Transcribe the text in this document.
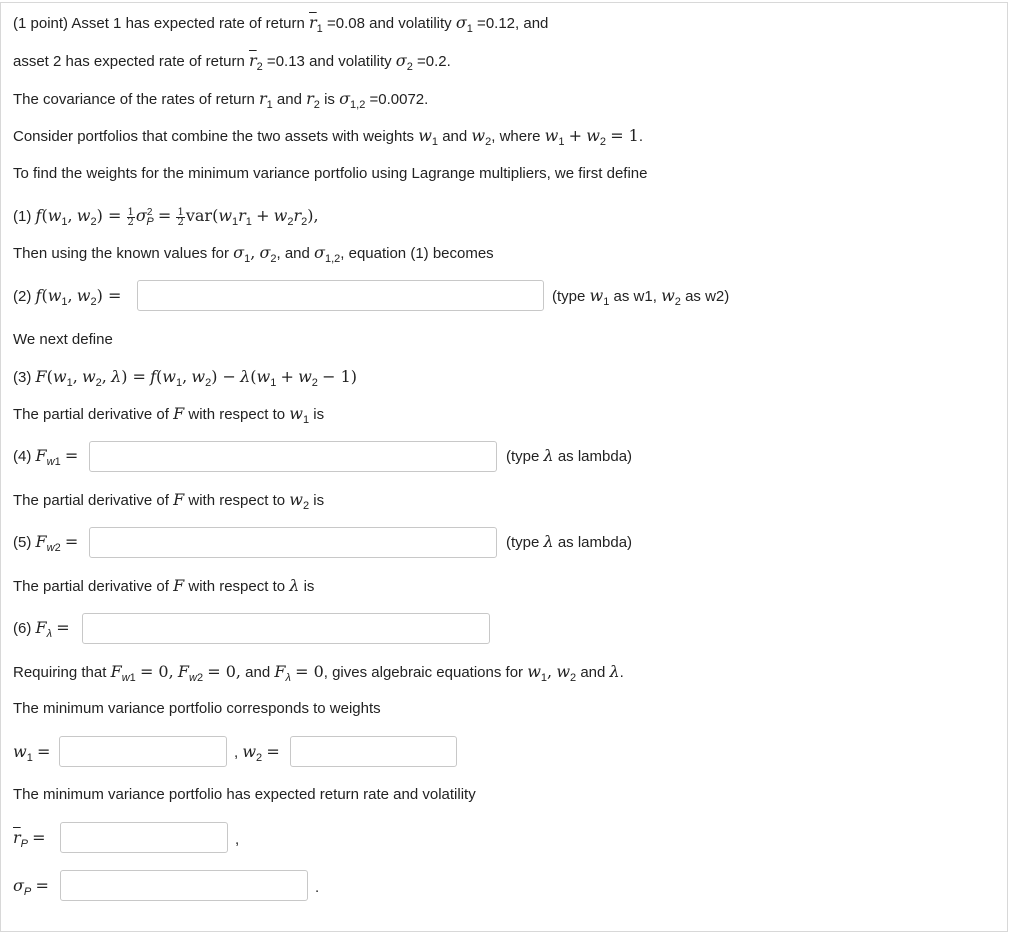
(1 point) Asset 1 has expected rate of return $\overline{r}_1 =0.08$ and volatility $\sigma_1 =0.12$, and
asset 2 has expected rate of return $\overline{r}_2 =0.13$ and volatility $\sigma_2 =0.2$.
The covariance of the rates of return $r_1$ and $r_2$ is $\sigma_{1,2} =0.0072$.
Consider portfolios that combine the two assets with weights $w_1$ and $w_2$, where $w_1 + w_2 = 1$.
To find the weights for the minimum variance portfolio using Lagrange multipliers, we first define
(1) $f(w_1$, $w_2) = \frac{1}{2} \sigma^2_P = \frac{1}{2} var(w_1r_1 + w_2r_2)$,
Then using the known values for $\sigma_1$, $\sigma_2$, and $\sigma_{1,2}$, equation (1) becomes
(2) $f(w_1$, $w_2$) =	(type $w_1$ as w1, $w_2$ as w2)
We next define
(3) $F(w_1$, $w_2$, $\lambda) = f(w_1$, $w_2) - \lambda(w_1 + w_2 - 1)$
The partial derivative of F with respect to $w_1$ is
(4) $F_{w1}$ =	(type λ as lambda)
The partial derivative of F with respect to $w_2$ is
(5) $F_{w2}$ =	(type λ as lambda)
The partial derivative of F with respect to λ is
(6) $F_\lambda$ =
Requiring that $F_{w1} = 0$, $F_{w2} = 0$, and $F_\lambda = 0$, gives algebraic equations for $w_1$, $w_2$ and λ.
The minimum variance portfolio corresponds to weights
$w_1$ =	, $w_2$ =
The minimum variance portfolio has expected return rate and volatility
$\overline{r}_P$ =	,
$\sigma_P$ =	.
